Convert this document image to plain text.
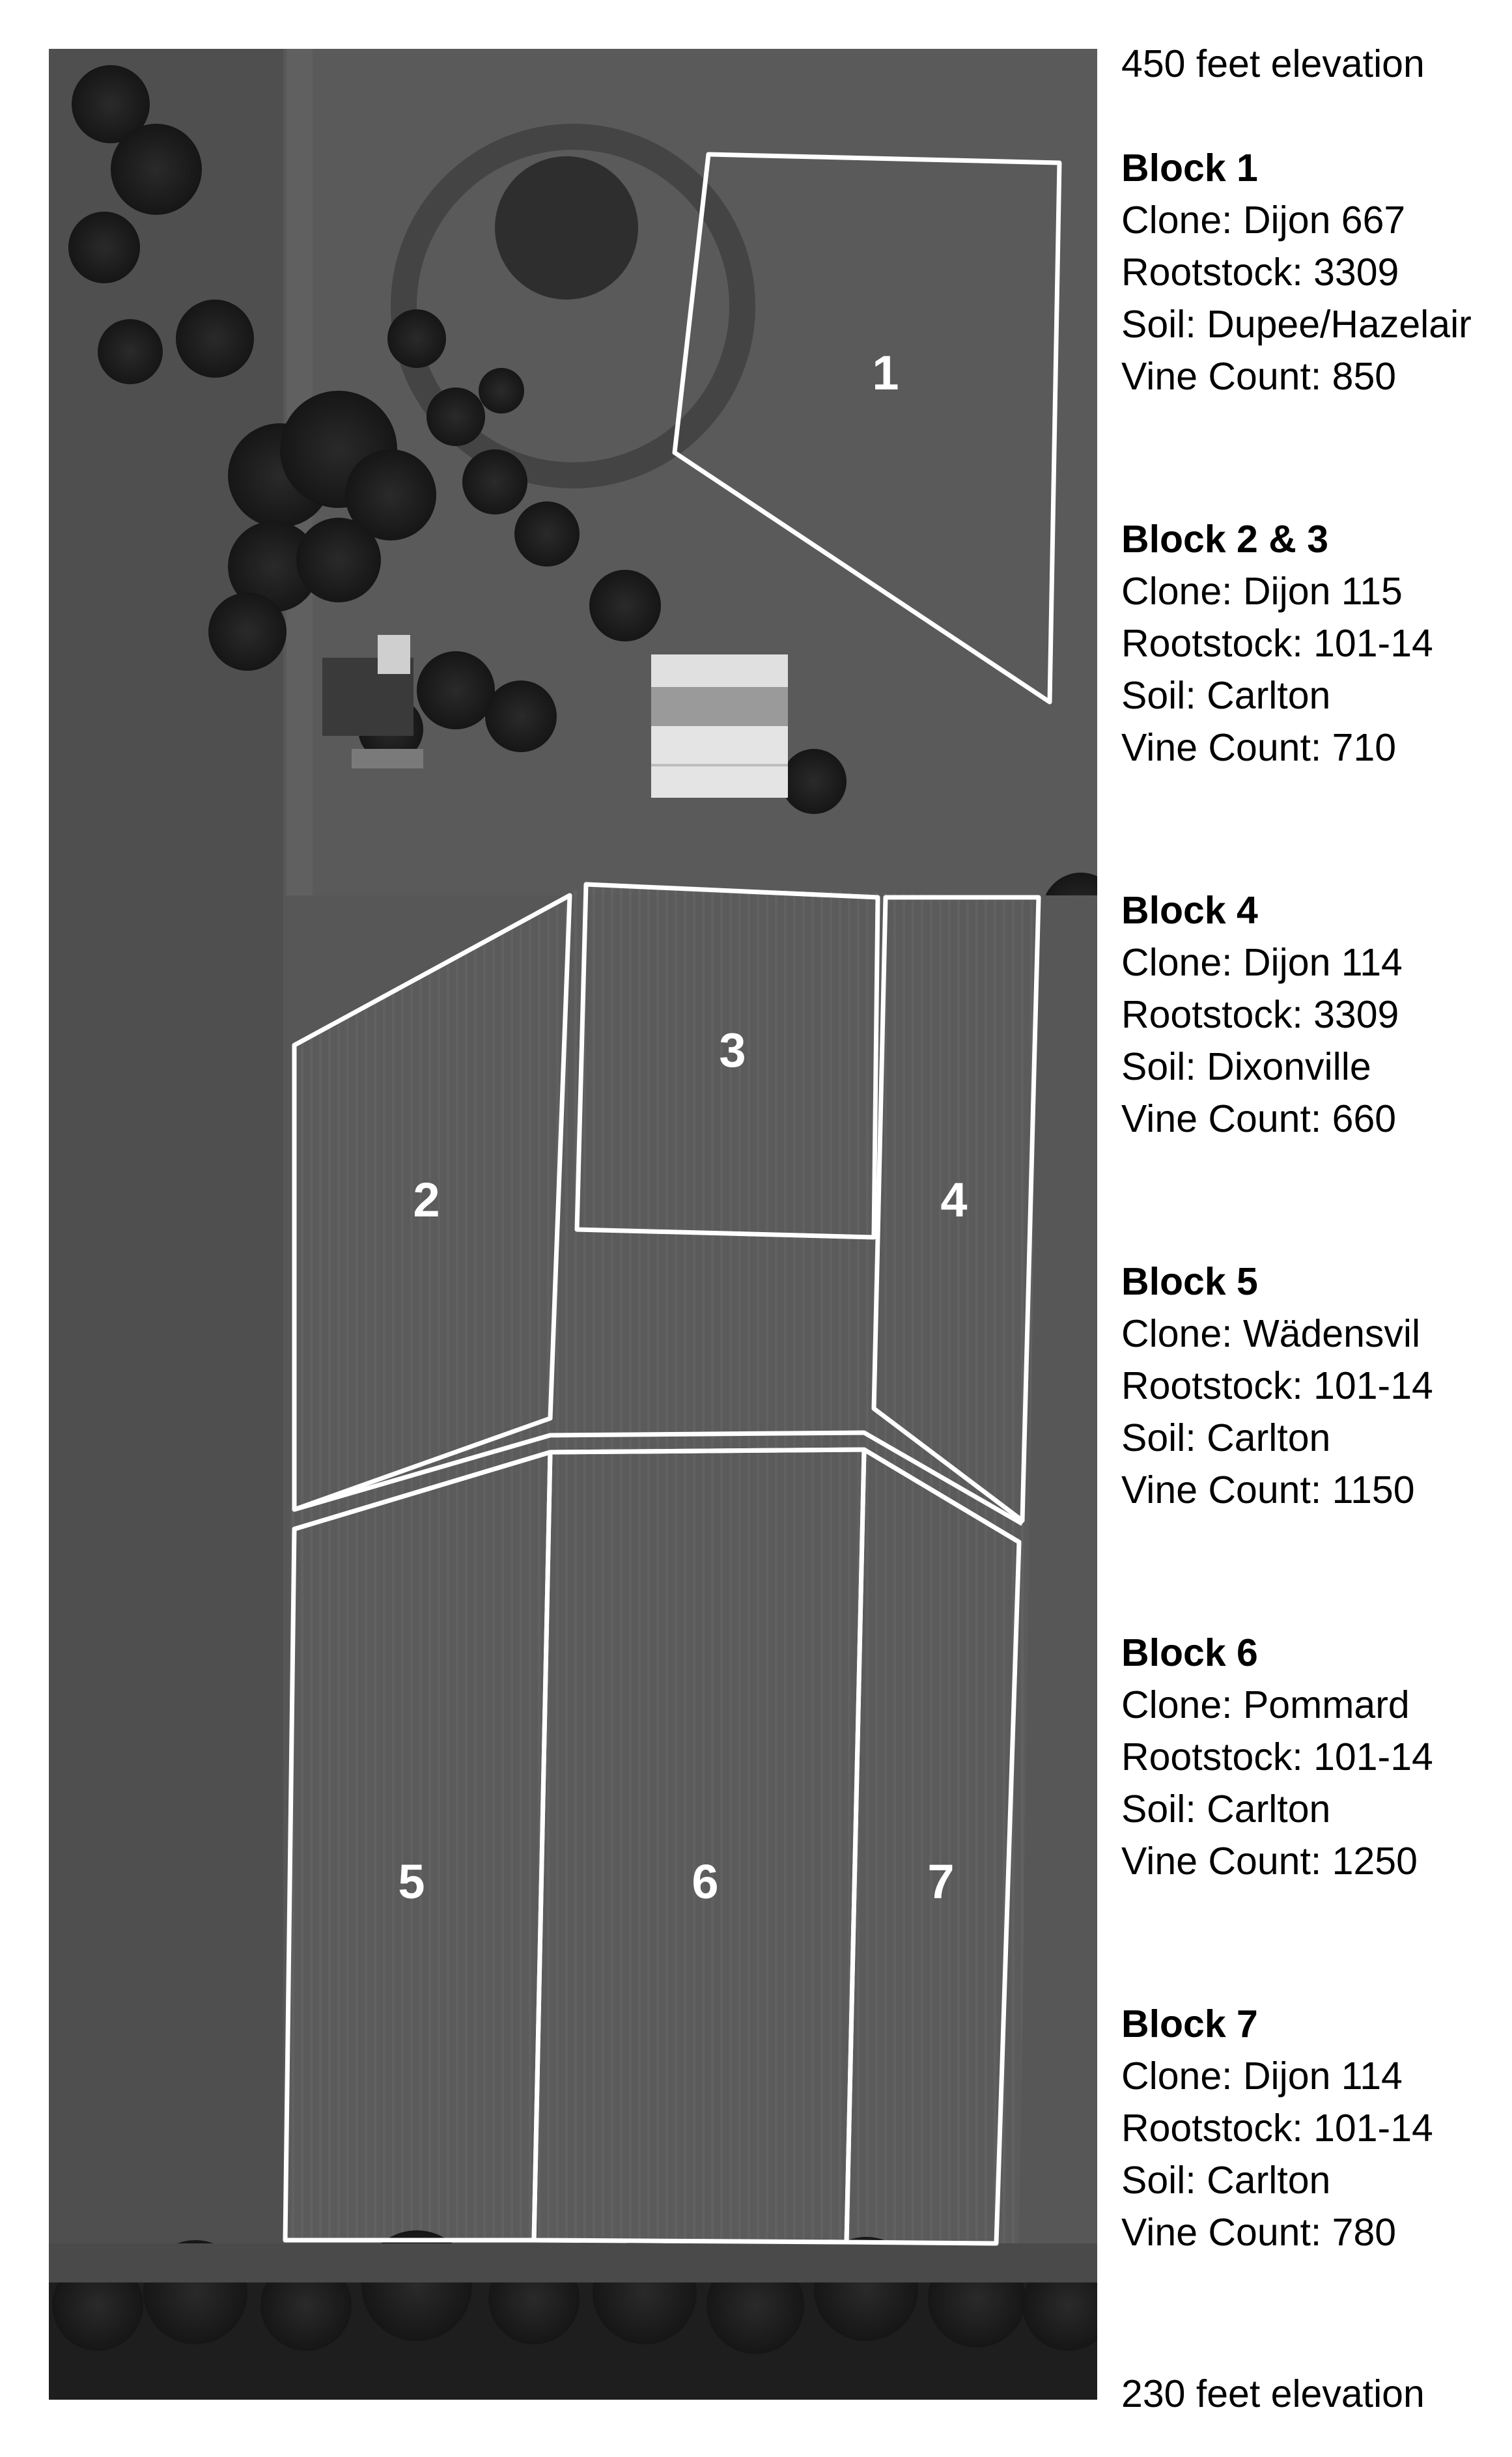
1
2
3
4
5	6	7
450 feet elevation
Block 1
Clone: Dijon 667
Rootstock: 3309
Soil: Dupee/Hazelair
Vine Count: 850
Block 2 & 3
Clone: Dijon 115
Rootstock: 101-14
Soil: Carlton
Vine Count: 710
Block 4
Clone: Dijon 114
Rootstock: 3309
Soil: Dixonville
Vine Count: 660
Block 5
Clone: Wädensvil
Rootstock: 101-14
Soil: Carlton
Vine Count: 1150
Block 6
Clone: Pommard
Rootstock: 101-14
Soil: Carlton
Vine Count: 1250
Block 7
Clone: Dijon 114
Rootstock: 101-14
Soil: Carlton
Vine Count: 780
230 feet elevation
